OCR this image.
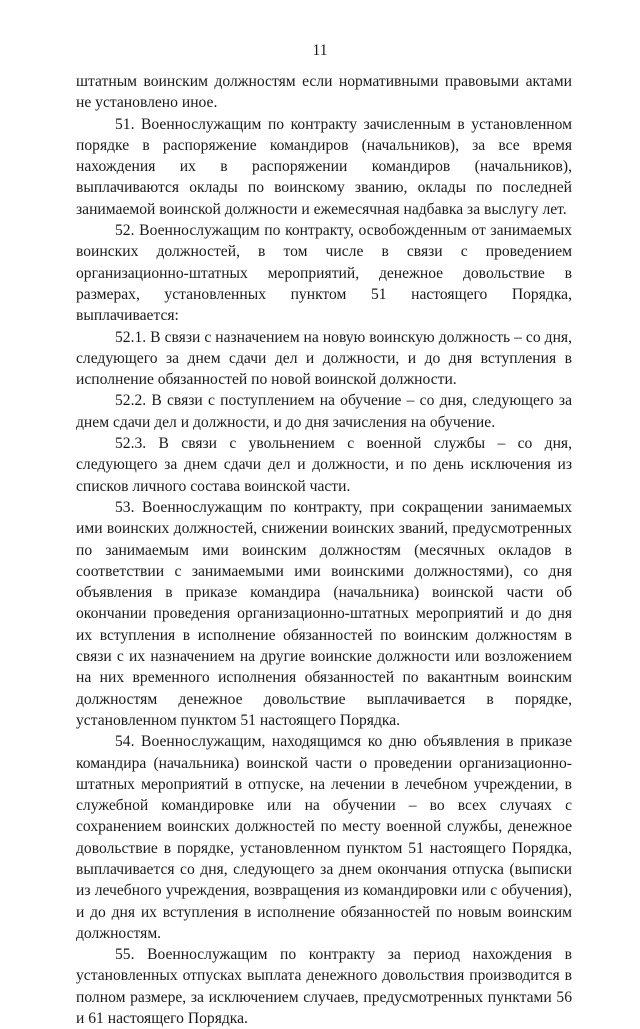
11

штатным воинским должностям если нормативными правовыми актами не установлено иное.

51. Военнослужащим по контракту зачисленным в установленном порядке в распоряжение командиров (начальников), за все время нахождения их в распоряжении командиров (начальников), выплачиваются оклады по воинскому званию, оклады по последней занимаемой воинской должности и ежемесячная надбавка за выслугу лет.

52. Военнослужащим по контракту, освобожденным от занимаемых воинских должностей, в том числе в связи с проведением организационно-штатных мероприятий, денежное довольствие в размерах, установленных пунктом 51 настоящего Порядка, выплачивается:

52.1. В связи с назначением на новую воинскую должность – со дня, следующего за днем сдачи дел и должности, и до дня вступления в исполнение обязанностей по новой воинской должности.

52.2. В связи с поступлением на обучение – со дня, следующего за днем сдачи дел и должности, и до дня зачисления на обучение.

52.3. В связи с увольнением с военной службы – со дня, следующего за днем сдачи дел и должности, и по день исключения из списков личного состава воинской части.

53. Военнослужащим по контракту, при сокращении занимаемых ими воинских должностей, снижении воинских званий, предусмотренных по занимаемым ими воинским должностям (месячных окладов в соответствии с занимаемыми ими воинскими должностями), со дня объявления в приказе командира (начальника) воинской части об окончании проведения организационно-штатных мероприятий и до дня их вступления в исполнение обязанностей по воинским должностям в связи с их назначением на другие воинские должности или возложением на них временного исполнения обязанностей по вакантным воинским должностям денежное довольствие выплачивается в порядке, установленном пунктом 51 настоящего Порядка.

54. Военнослужащим, находящимся ко дню объявления в приказе командира (начальника) воинской части о проведении организационно-штатных мероприятий в отпуске, на лечении в лечебном учреждении, в служебной командировке или на обучении – во всех случаях с сохранением воинских должностей по месту военной службы, денежное довольствие в порядке, установленном пунктом 51 настоящего Порядка, выплачивается со дня, следующего за днем окончания отпуска (выписки из лечебного учреждения, возвращения из командировки или с обучения), и до дня их вступления в исполнение обязанностей по новым воинским должностям.

55. Военнослужащим по контракту за период нахождения в установленных отпусках выплата денежного довольствия производится в полном размере, за исключением случаев, предусмотренных пунктами 56 и 61 настоящего Порядка.
